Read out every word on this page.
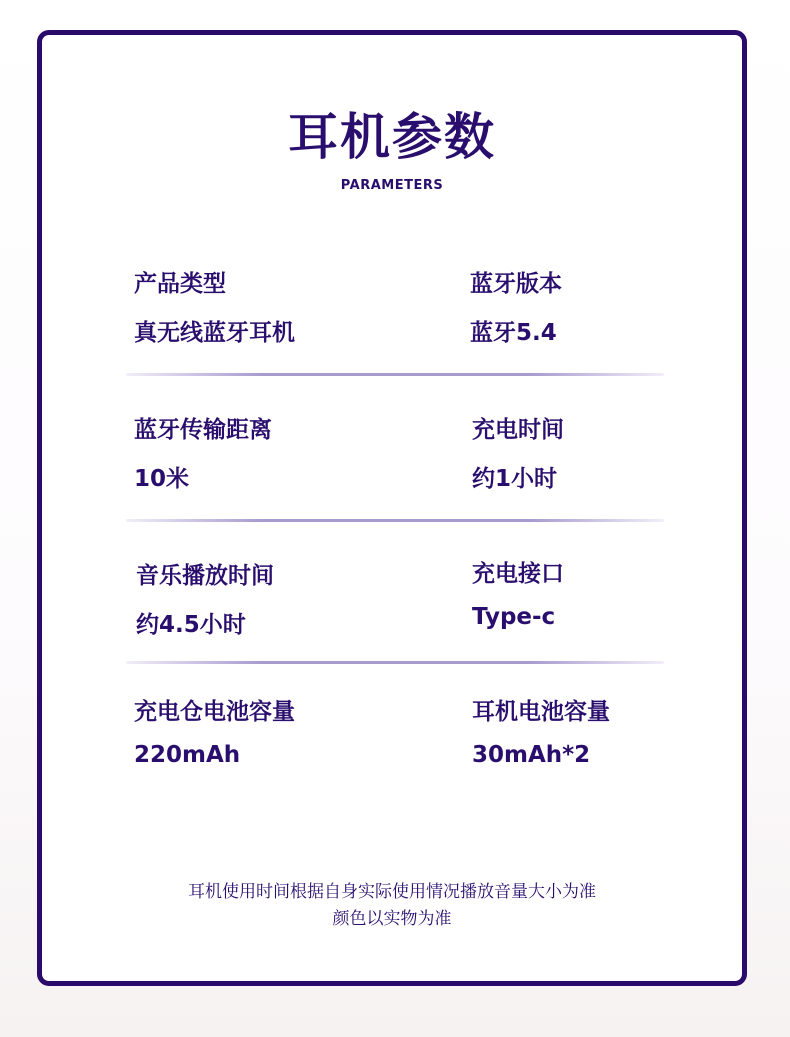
耳机参数
PARAMETERS
产品类型
真无线蓝牙耳机
蓝牙版本
蓝牙5.4
蓝牙传输距离
10米
充电时间
约1小时
音乐播放时间
约4.5小时
充电接口
Type-c
充电仓电池容量
220mAh
耳机电池容量
30mAh*2
耳机使用时间根据自身实际使用情况播放音量大小为准
颜色以实物为准
